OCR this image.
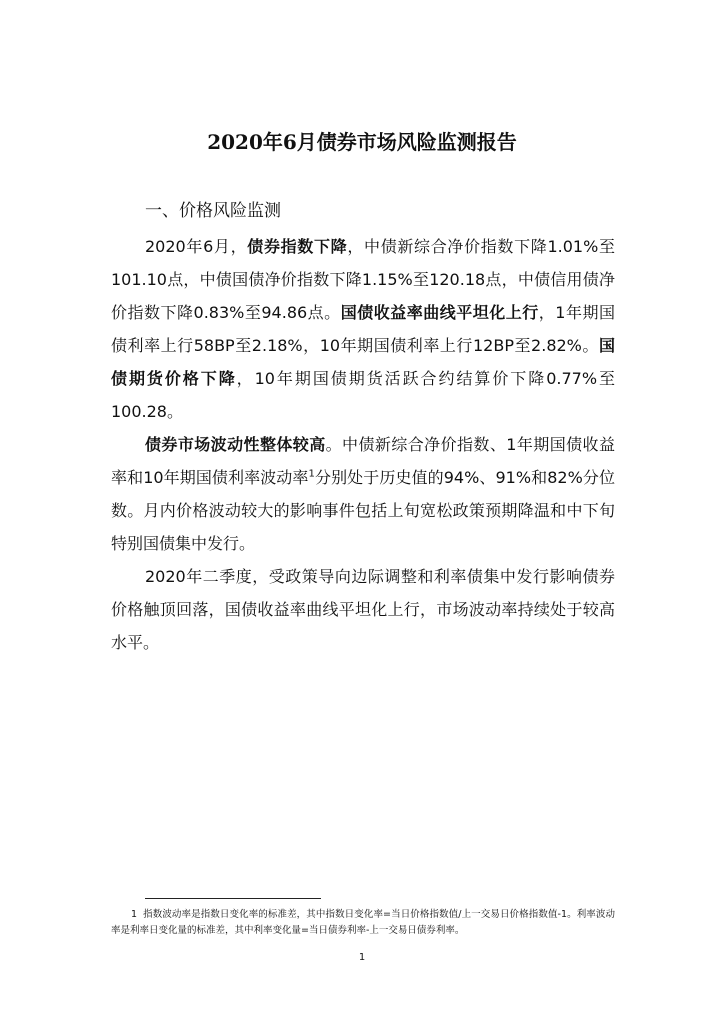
2020年6月债券市场风险监测报告
一、价格风险监测

2020年6月，债券指数下降，中债新综合净价指数下降1.01%至101.10点，中债国债净价指数下降1.15%至120.18点，中债信用债净价指数下降0.83%至94.86点。国债收益率曲线平坦化上行，1年期国债利率上行58BP至2.18%，10年期国债利率上行12BP至2.82%。国债期货价格下降，10年期国债期货活跃合约结算价下降0.77%至100.28。

债券市场波动性整体较高。中债新综合净价指数、1年期国债收益率和10年期国债利率波动率$^1$分别处于历史值的94%、91%和82%分位数。月内价格波动较大的影响事件包括上旬宽松政策预期降温和中下旬特别国债集中发行。

2020年二季度，受政策导向边际调整和利率债集中发行影响债券价格触顶回落，国债收益率曲线平坦化上行，市场波动率持续处于较高水平。

1 指数波动率是指数日变化率的标准差，其中指数日变化率=当日价格指数值/上一交易日价格指数值-1。利率波动率是利率日变化量的标准差，其中利率变化量=当日债券利率-上一交易日债券利率。
1
